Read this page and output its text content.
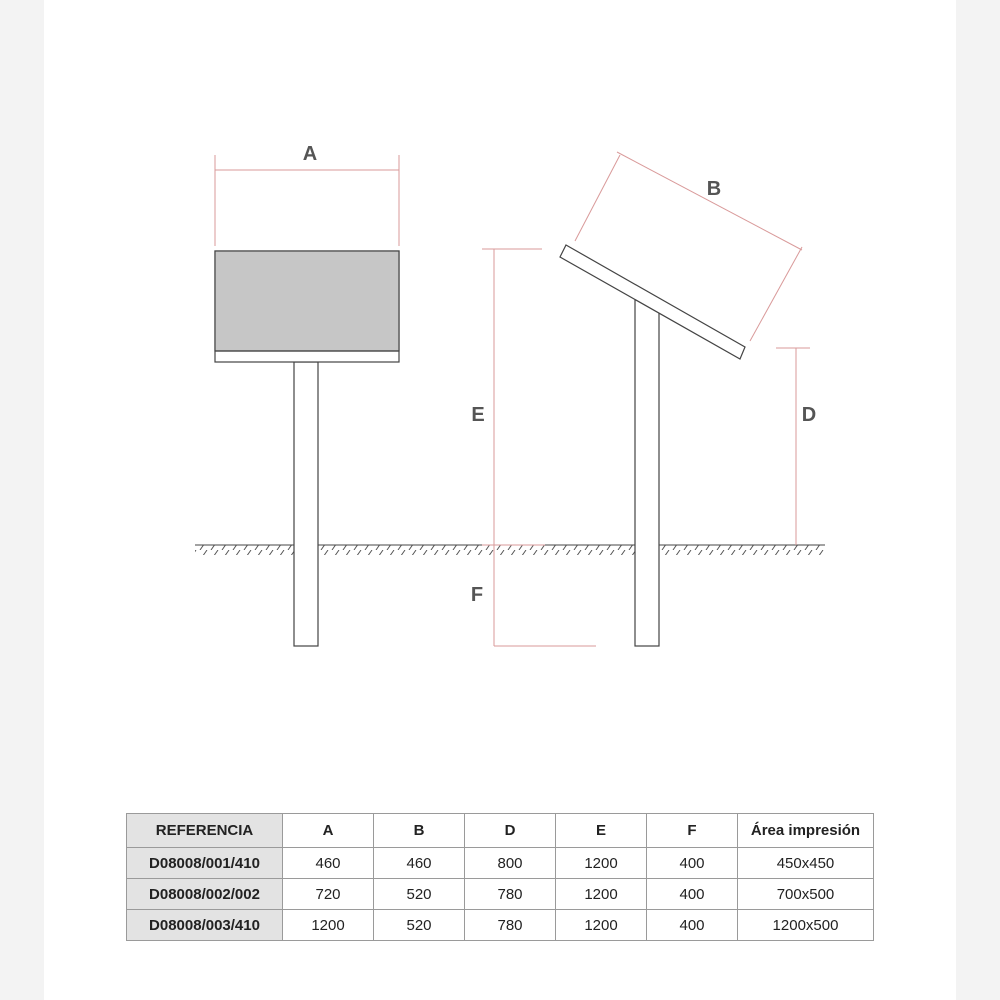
A
B
D
E
F
REFERENCIA	A	B	D	E	F	Área impresión
D08008/001/410	460	460	800	1200	400	450x450
D08008/002/002	720	520	780	1200	400	700x500
D08008/003/410	1200	520	780	1200	400	1200x500
